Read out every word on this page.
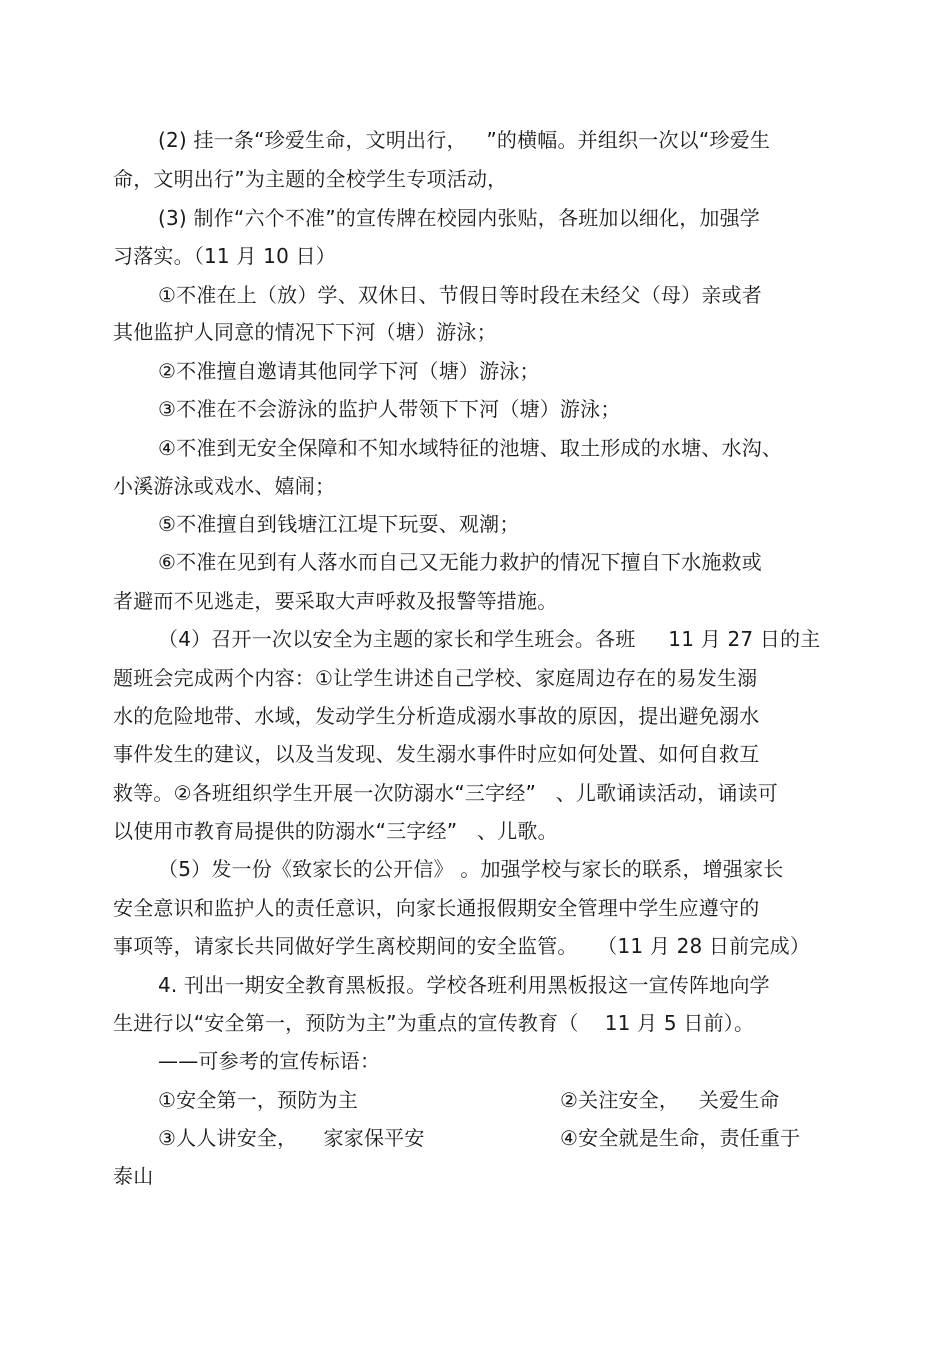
(2) 挂一条“珍爱生命，文明出行，   ”的横幅。并组织一次以“珍爱生
命，文明出行”为主题的全校学生专项活动，
(3) 制作“六个不准”的宣传牌在校园内张贴，各班加以细化，加强学
习落实。（11 月 10 日）
①不准在上（放）学、双休日、节假日等时段在未经父（母）亲或者
其他监护人同意的情况下下河（塘）游泳；
②不准擅自邀请其他同学下河（塘）游泳；
③不准在不会游泳的监护人带领下下河（塘）游泳；
④不准到无安全保障和不知水域特征的池塘、取土形成的水塘、水沟、
小溪游泳或戏水、嬉闹；
⑤不准擅自到钱塘江江堤下玩耍、观潮；
⑥不准在见到有人落水而自己又无能力救护的情况下擅自下水施救或
者避而不见逃走，要采取大声呼救及报警等措施。
（4）召开一次以安全为主题的家长和学生班会。各班     11 月 27 日的主
题班会完成两个内容：①让学生讲述自己学校、家庭周边存在的易发生溺
水的危险地带、水域，发动学生分析造成溺水事故的原因，提出避免溺水
事件发生的建议，以及当发现、发生溺水事件时应如何处置、如何自救互
救等。②各班组织学生开展一次防溺水“三字经”   、儿歌诵读活动，诵读可
以使用市教育局提供的防溺水“三字经”   、儿歌。
（5）发一份《致家长的公开信》 。加强学校与家长的联系，增强家长
安全意识和监护人的责任意识，向家长通报假期安全管理中学生应遵守的
事项等，请家长共同做好学生离校期间的安全监管。   （11 月 28 日前完成）
4. 刊出一期安全教育黑板报。学校各班利用黑板报这一宣传阵地向学
生进行以“安全第一，预防为主”为重点的宣传教育（    11 月 5 日前）。
——可参考的宣传标语：
①安全第一，预防为主	②关注安全，   关爱生命
③人人讲安全，    家家保平安	④安全就是生命，责任重于
泰山
